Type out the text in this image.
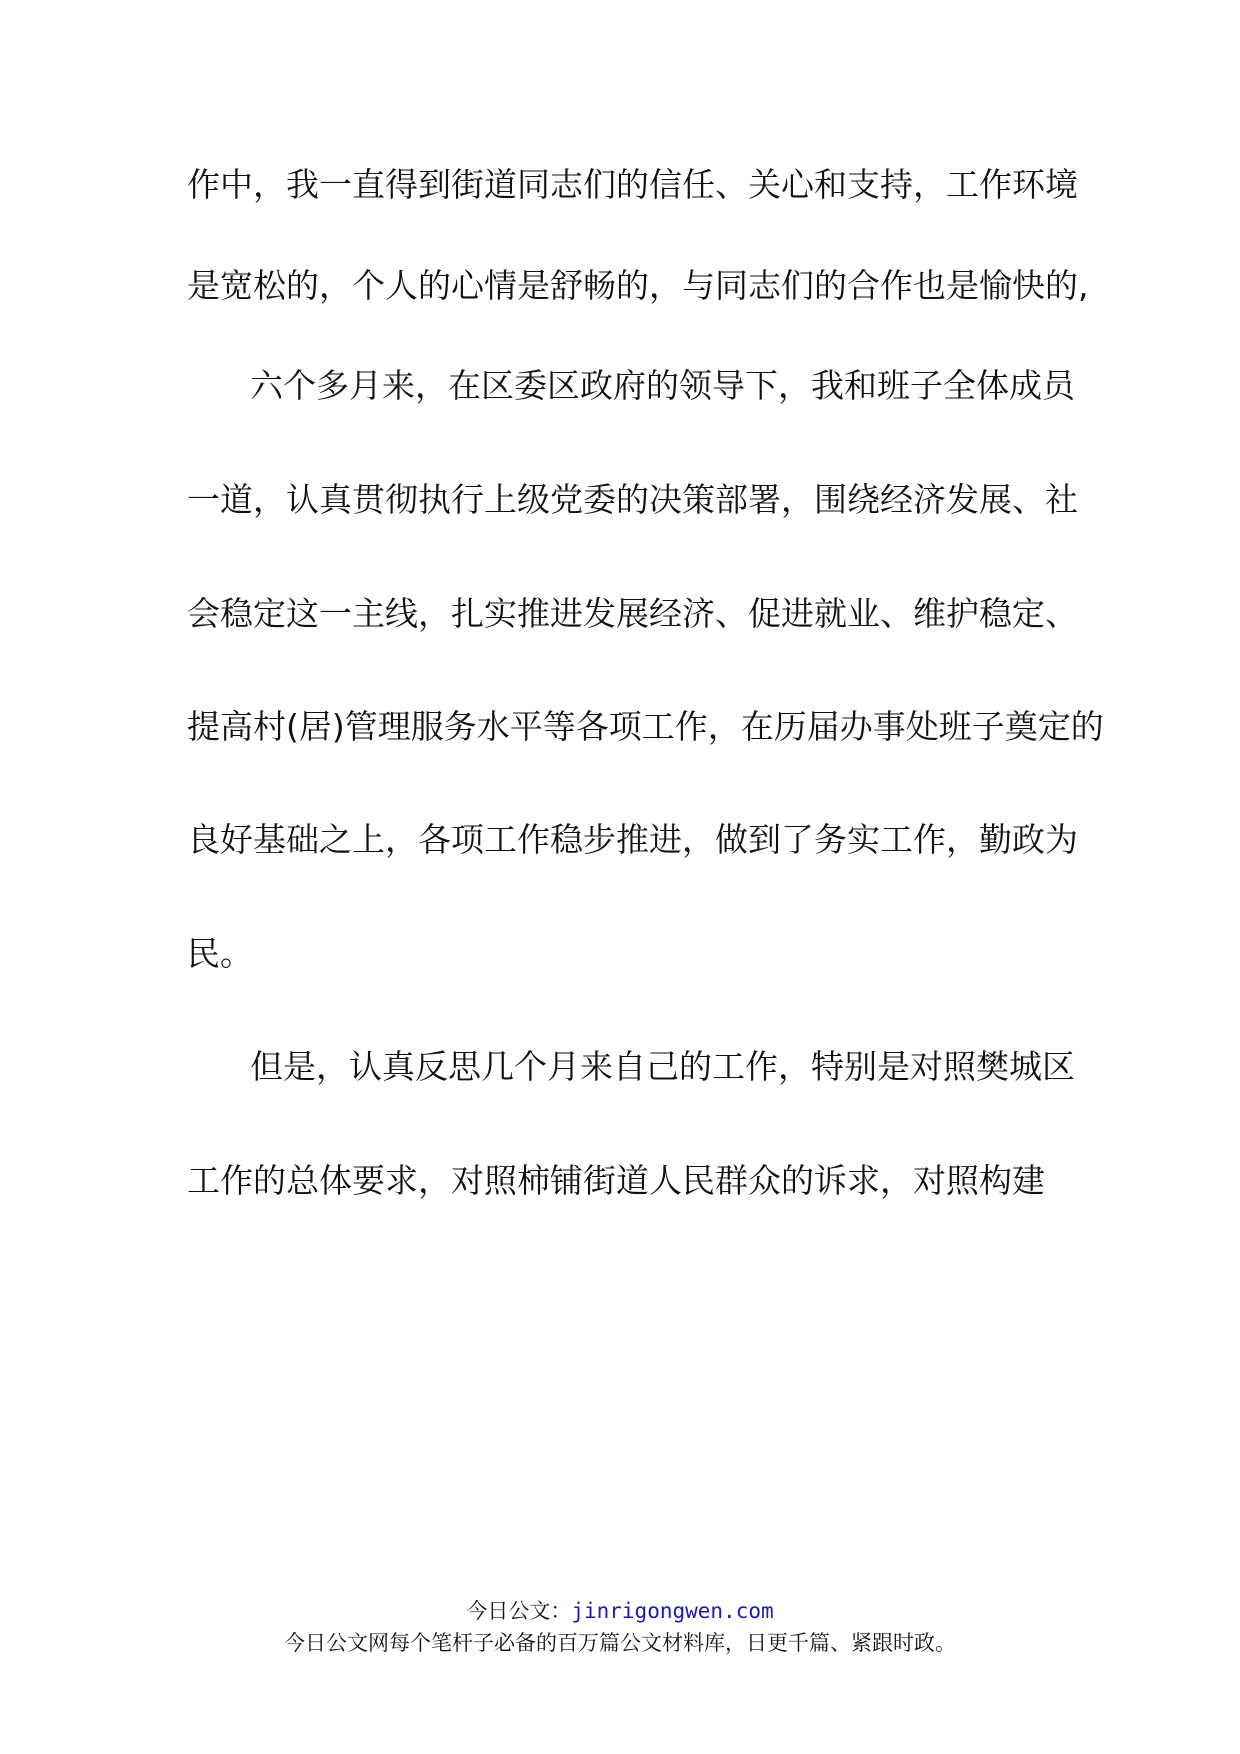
作中，我一直得到街道同志们的信任、关心和支持，工作环境
是宽松的，个人的心情是舒畅的，与同志们的合作也是愉快的,
六个多月来，在区委区政府的领导下，我和班子全体成员
一道，认真贯彻执行上级党委的决策部署，围绕经济发展、社
会稳定这一主线，扎实推进发展经济、促进就业、维护稳定、
提高村(居)管理服务水平等各项工作，在历届办事处班子奠定的
良好基础之上，各项工作稳步推进，做到了务实工作，勤政为
民。
但是，认真反思几个月来自己的工作，特别是对照樊城区
工作的总体要求，对照柿铺街道人民群众的诉求，对照构建
今日公文：jinrigongwen.com
今日公文网每个笔杆子必备的百万篇公文材料库，日更千篇、紧跟时政。
